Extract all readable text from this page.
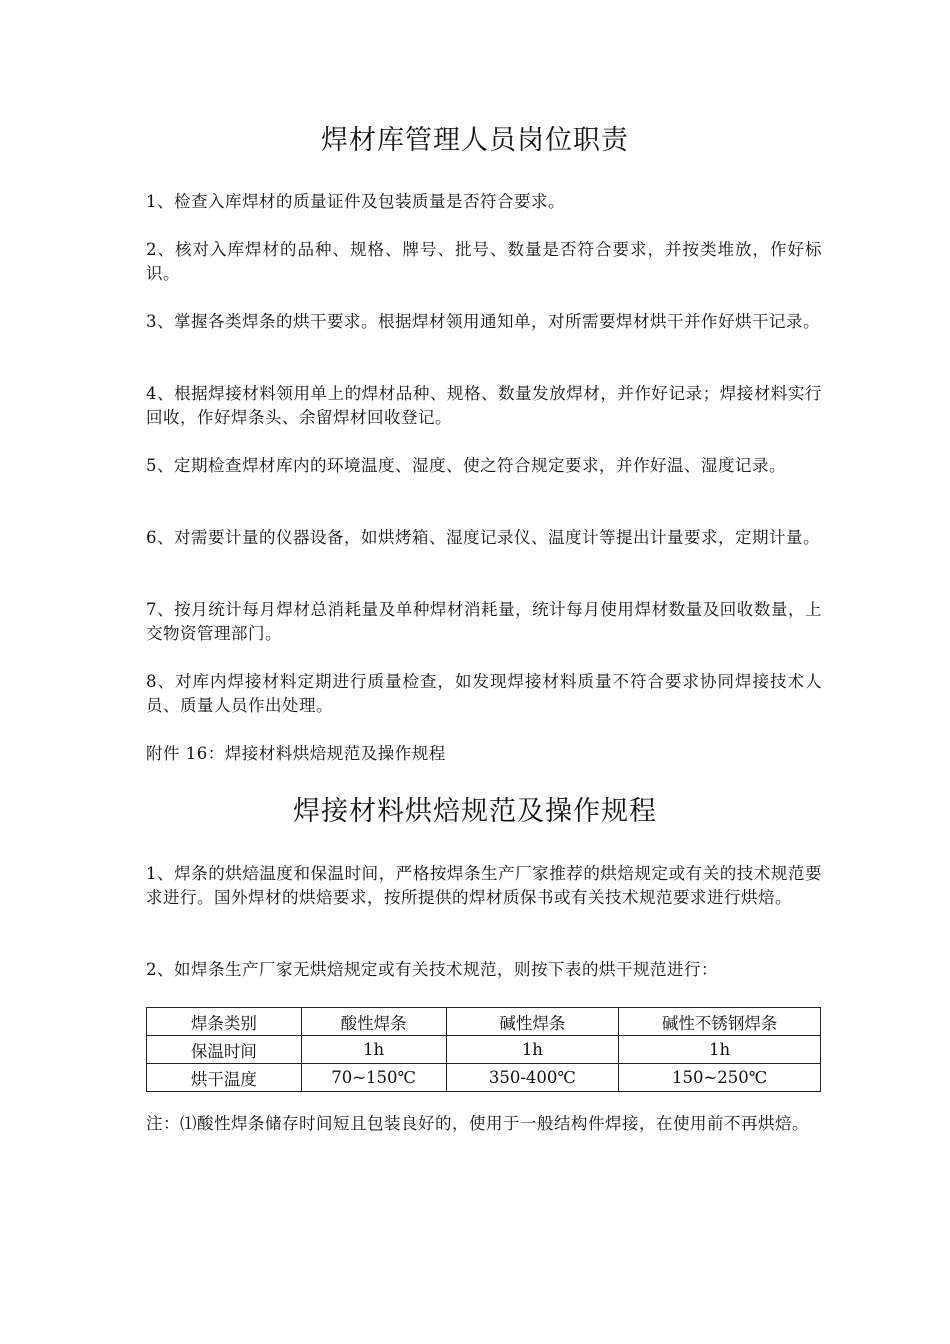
焊材库管理人员岗位职责
1、检查入库焊材的质量证件及包装质量是否符合要求。
2、核对入库焊材的品种、规格、牌号、批号、数量是否符合要求，并按类堆放，作好标识。
3、掌握各类焊条的烘干要求。根据焊材领用通知单，对所需要焊材烘干并作好烘干记录。
4、根据焊接材料领用单上的焊材品种、规格、数量发放焊材，并作好记录；焊接材料实行回收，作好焊条头、余留焊材回收登记。
5、定期检查焊材库内的环境温度、湿度、使之符合规定要求，并作好温、湿度记录。
6、对需要计量的仪器设备，如烘烤箱、湿度记录仪、温度计等提出计量要求，定期计量。
7、按月统计每月焊材总消耗量及单种焊材消耗量，统计每月使用焊材数量及回收数量，上交物资管理部门。
8、对库内焊接材料定期进行质量检查，如发现焊接材料质量不符合要求协同焊接技术人员、质量人员作出处理。
附件 16：焊接材料烘焙规范及操作规程
焊接材料烘焙规范及操作规程
1、焊条的烘焙温度和保温时间，严格按焊条生产厂家推荐的烘焙规定或有关的技术规范要求进行。国外焊材的烘焙要求，按所提供的焊材质保书或有关技术规范要求进行烘焙。
2、如焊条生产厂家无烘焙规定或有关技术规范，则按下表的烘干规范进行：
焊条类别	酸性焊条	碱性焊条	碱性不锈钢焊条
保温时间	1h	1h	1h
烘干温度	70~150℃	350-400℃	150~250℃
注：⑴酸性焊条储存时间短且包装良好的，使用于一般结构件焊接，在使用前不再烘焙。
